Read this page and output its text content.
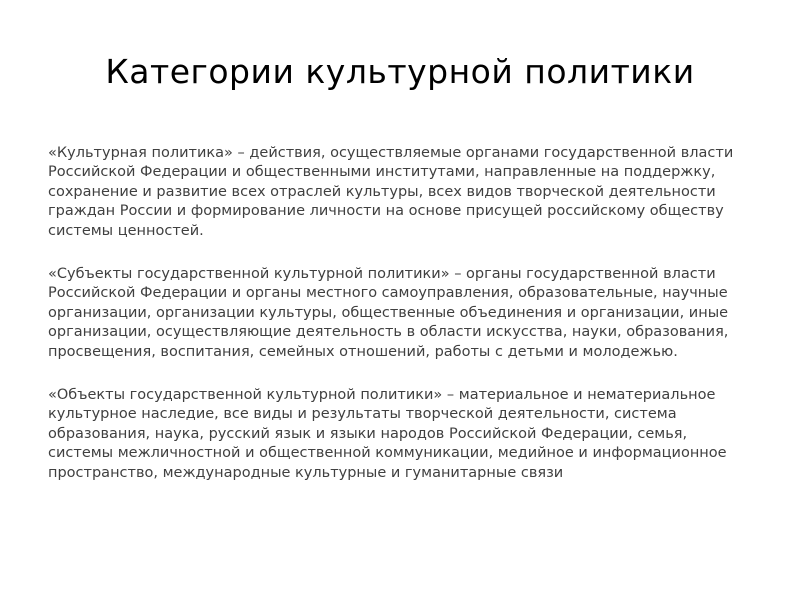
Категории культурной политики

«Культурная политика» – действия, осуществляемые органами государственной власти Российской Федерации и общественными институтами, направленные на поддержку, сохранение и развитие всех отраслей культуры, всех видов творческой деятельности граждан России и формирование личности на основе присущей российскому обществу системы ценностей.

«Субъекты государственной культурной политики» – органы государственной власти Российской Федерации и органы местного самоуправления, образовательные, научные организации, организации культуры, общественные объединения и организации, иные организации, осуществляющие деятельность в области искусства, науки, образования, просвещения, воспитания, семейных отношений, работы с детьми и молодежью.

«Объекты государственной культурной политики» – материальное и нематериальное культурное наследие, все виды и результаты творческой деятельности, система образования, наука, русский язык и языки народов Российской Федерации, семья, системы межличностной и общественной коммуникации, медийное и информационное пространство, международные культурные и гуманитарные связи
